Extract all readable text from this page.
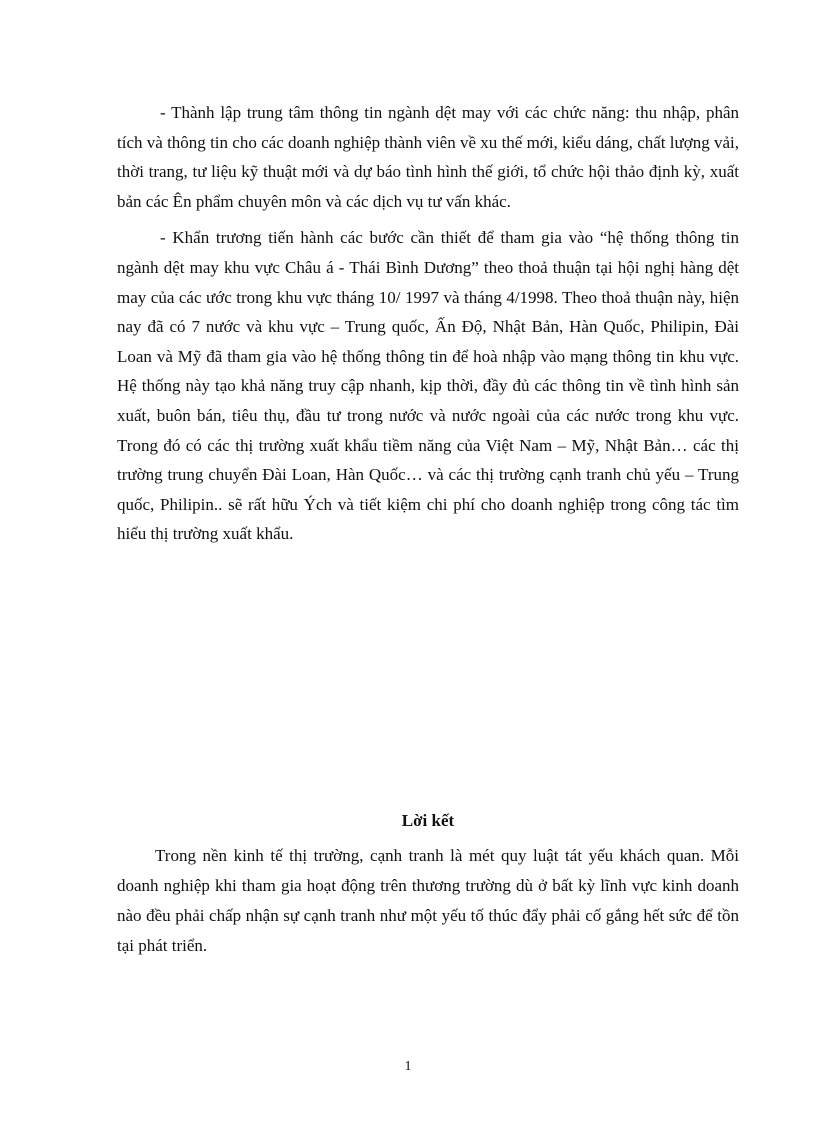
- Thành lập trung tâm thông tin ngành dệt may với các chức năng: thu nhập, phân tích và thông tin cho các doanh nghiệp thành viên về xu thế mới, kiểu dáng, chất lượng vải, thời trang, tư liệu kỹ thuật mới và dự báo tình hình thế giới, tổ chức hội thảo định kỳ, xuất bản các Ên phẩm chuyên môn và các dịch vụ tư vấn khác.

- Khẩn trương tiến hành các bước cần thiết để tham gia vào “hệ thống thông tin ngành dệt may khu vực Châu á - Thái Bình Dương” theo thoả thuận tại hội nghị hàng dệt may của các ước trong khu vực tháng 10/ 1997 và tháng 4/1998. Theo thoả thuận này, hiện nay đã có 7 nước và khu vực – Trung quốc, Ấn Độ, Nhật Bản, Hàn Quốc, Philipin, Đài Loan và Mỹ đã tham gia vào hệ thống thông tin để hoà nhập vào mạng thông tin khu vực. Hệ thống này tạo khả năng truy cập nhanh, kịp thời, đầy đủ các thông tin về tình hình sản xuất, buôn bán, tiêu thụ, đầu tư trong nước và nước ngoài của các nước trong khu vực. Trong đó có các thị trường xuất khẩu tiềm năng của Việt Nam – Mỹ, Nhật Bản… các thị trường trung chuyển Đài Loan, Hàn Quốc… và các thị trường cạnh tranh chủ yếu – Trung quốc, Philipin.. sẽ rất hữu Ých và tiết kiệm chi phí cho doanh nghiệp trong công tác tìm hiểu thị trường xuất khẩu.

Lời kết

Trong nền kinh tế thị trường, cạnh tranh là mét quy luật tát yếu khách quan. Mỗi doanh nghiệp khi tham gia hoạt động trên thương trường dù ở bất kỳ lĩnh vực kinh doanh nào đều phải chấp nhận sự cạnh tranh như một yếu tố thúc đẩy phải cố gắng hết sức để tồn tại phát triển.

1
